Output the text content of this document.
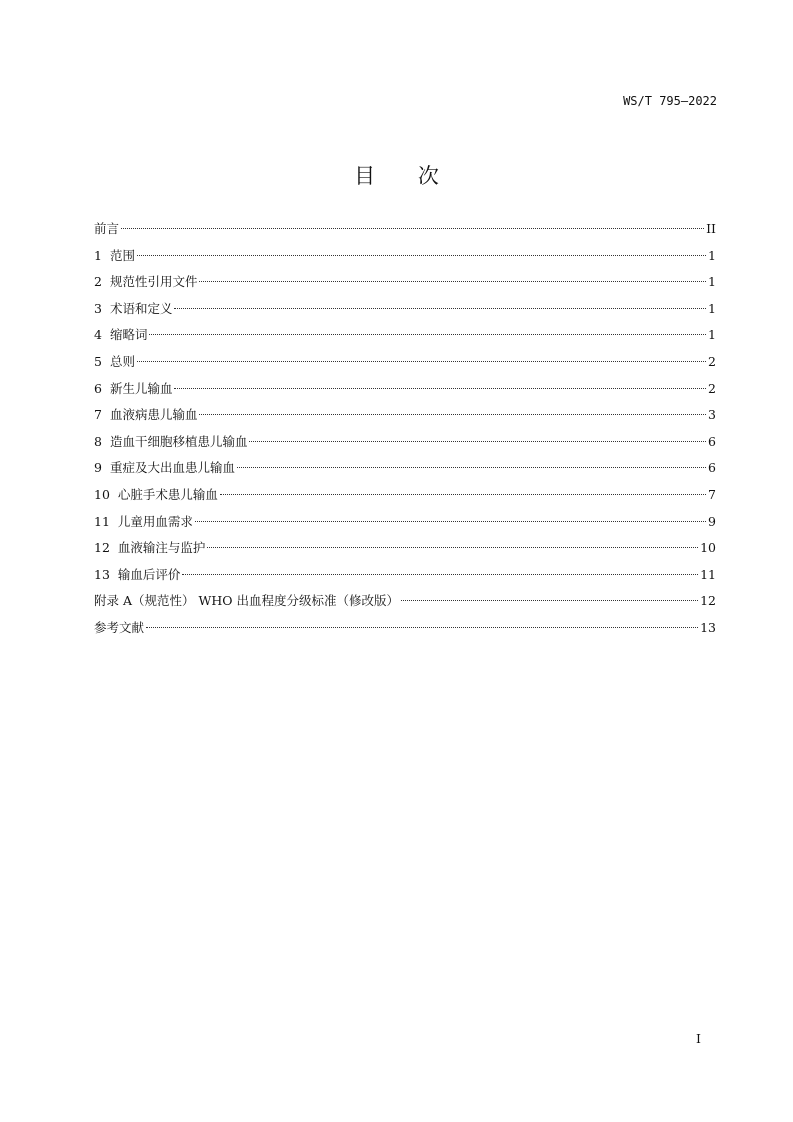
WS/T 795—2022
目 次
前言	II
1 范围	1
2 规范性引用文件	1
3 术语和定义	1
4 缩略词	1
5 总则	2
6 新生儿输血	2
7 血液病患儿输血	3
8 造血干细胞移植患儿输血	6
9 重症及大出血患儿输血	6
10 心脏手术患儿输血	7
11 儿童用血需求	9
12 血液输注与监护	10
13 输血后评价	11
附录 A（规范性） WHO 出血程度分级标准（修改版）	12
参考文献	13
I
